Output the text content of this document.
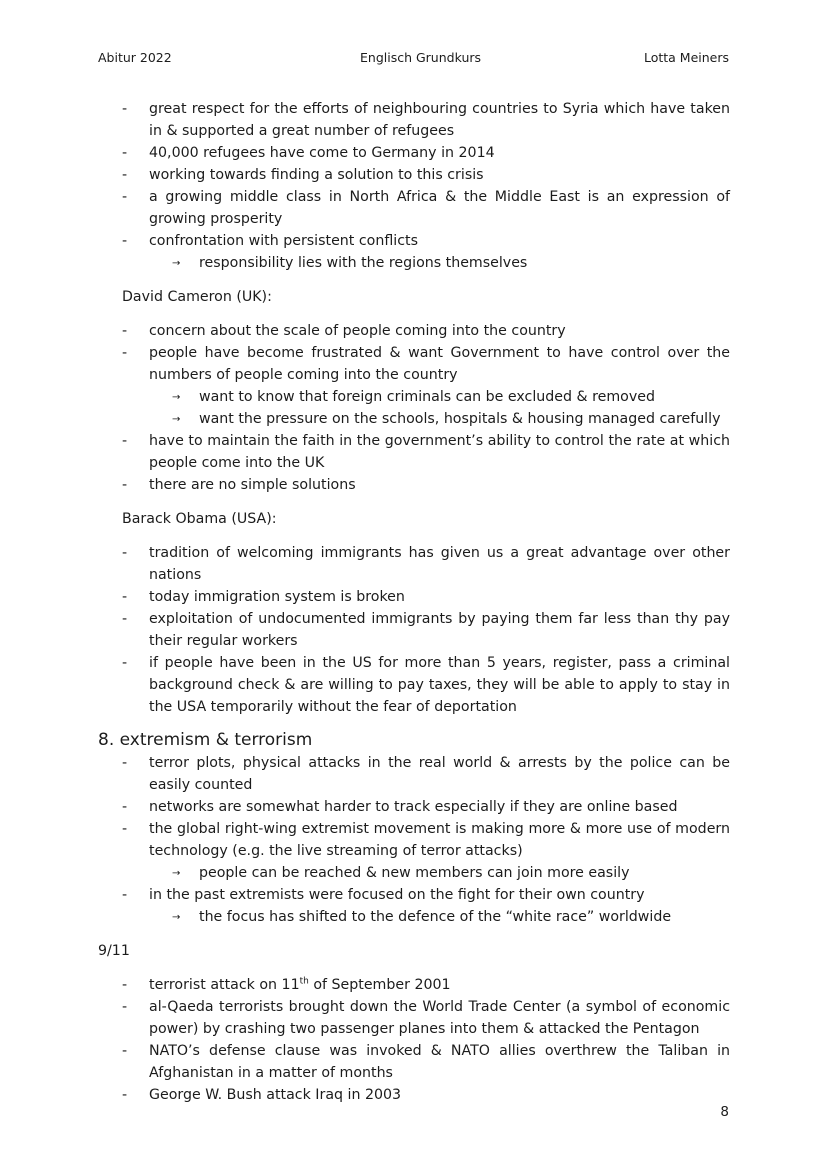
Abitur 2022	Englisch Grundkurs	Lotta Meiners
- great respect for the efforts of neighbouring countries to Syria which have taken in & supported a great number of refugees
- 40,000 refugees have come to Germany in 2014
- working towards finding a solution to this crisis
- a growing middle class in North Africa & the Middle East is an expression of growing prosperity
- confrontation with persistent conflicts
→ responsibility lies with the regions themselves
David Cameron (UK):
- concern about the scale of people coming into the country
- people have become frustrated & want Government to have control over the numbers of people coming into the country
→ want to know that foreign criminals can be excluded & removed
→ want the pressure on the schools, hospitals & housing managed carefully
- have to maintain the faith in the government’s ability to control the rate at which people come into the UK
- there are no simple solutions
Barack Obama (USA):
- tradition of welcoming immigrants has given us a great advantage over other nations
- today immigration system is broken
- exploitation of undocumented immigrants by paying them far less than thy pay their regular workers
- if people have been in the US for more than 5 years, register, pass a criminal background check & are willing to pay taxes, they will be able to apply to stay in the USA temporarily without the fear of deportation
8. extremism & terrorism
- terror plots, physical attacks in the real world & arrests by the police can be easily counted
- networks are somewhat harder to track especially if they are online based
- the global right-wing extremist movement is making more & more use of modern technology (e.g. the live streaming of terror attacks)
→ people can be reached & new members can join more easily
- in the past extremists were focused on the fight for their own country
→ the focus has shifted to the defence of the “white race” worldwide
9/11
- terrorist attack on 11th of September 2001
- al-Qaeda terrorists brought down the World Trade Center (a symbol of economic power) by crashing two passenger planes into them & attacked the Pentagon
- NATO’s defense clause was invoked & NATO allies overthrew the Taliban in Afghanistan in a matter of months
- George W. Bush attack Iraq in 2003
8
